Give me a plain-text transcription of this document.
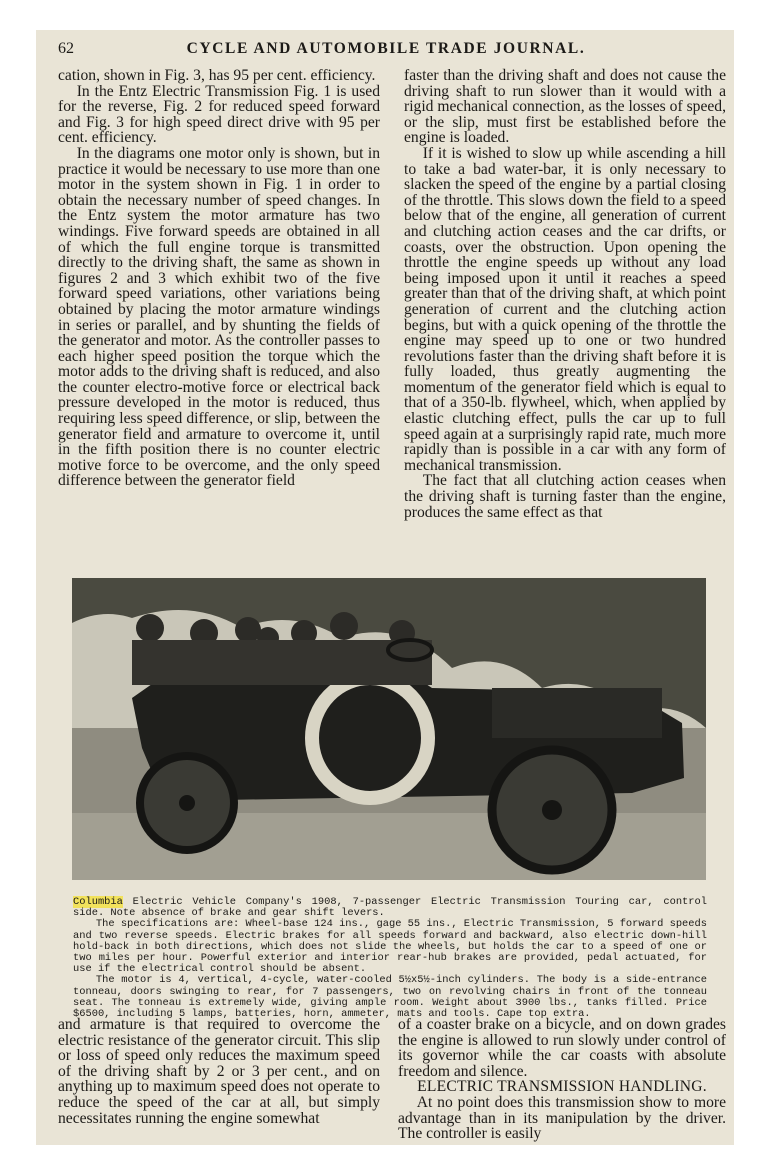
62	CYCLE AND AUTOMOBILE TRADE JOURNAL.

cation, shown in Fig. 3, has 95 per cent. efficiency.

In the Entz Electric Transmission Fig. 1 is used for the reverse, Fig. 2 for reduced speed forward and Fig. 3 for high speed direct drive with 95 per cent. efficiency.

In the diagrams one motor only is shown, but in practice it would be necessary to use more than one motor in the system shown in Fig. 1 in order to obtain the necessary number of speed changes. In the Entz system the motor armature has two windings. Five forward speeds are obtained in all of which the full engine torque is transmitted directly to the driving shaft, the same as shown in figures 2 and 3 which exhibit two of the five forward speed variations, other variations being obtained by placing the motor armature windings in series or parallel, and by shunting the fields of the generator and motor. As the controller passes to each higher speed position the torque which the motor adds to the driving shaft is reduced, and also the counter electro-motive force or electrical back pressure developed in the motor is reduced, thus requiring less speed difference, or slip, between the generator field and armature to overcome it, until in the fifth position there is no counter electric motive force to be overcome, and the only speed difference between the generator field

faster than the driving shaft and does not cause the driving shaft to run slower than it would with a rigid mechanical connection, as the losses of speed, or the slip, must first be established before the engine is loaded.

If it is wished to slow up while ascending a hill to take a bad water-bar, it is only necessary to slacken the speed of the engine by a partial closing of the throttle. This slows down the field to a speed below that of the engine, all generation of current and clutching action ceases and the car drifts, or coasts, over the obstruction. Upon opening the throttle the engine speeds up without any load being imposed upon it until it reaches a speed greater than that of the driving shaft, at which point generation of current and the clutching action begins, but with a quick opening of the throttle the engine may speed up to one or two hundred revolutions faster than the driving shaft before it is fully loaded, thus greatly augmenting the momentum of the generator field which is equal to that of a 350-lb. flywheel, which, when applied by elastic clutching effect, pulls the car up to full speed again at a surprisingly rapid rate, much more rapidly than is possible in a car with any form of mechanical transmission.

The fact that all clutching action ceases when the driving shaft is turning faster than the engine, produces the same effect as that

Columbia Electric Vehicle Company's 1908, 7-passenger Electric Transmission Touring car, control side. Note absence of brake and gear shift levers.

The specifications are: Wheel-base 124 ins., gage 55 ins., Electric Transmission, 5 forward speeds and two reverse speeds. Electric brakes for all speeds forward and backward, also electric down-hill hold-back in both directions, which does not slide the wheels, but holds the car to a speed of one or two miles per hour. Powerful exterior and interior rear-hub brakes are provided, pedal actuated, for use if the electrical control should be absent.

The motor is 4, vertical, 4-cycle, water-cooled 5½x5½-inch cylinders. The body is a side-entrance tonneau, doors swinging to rear, for 7 passengers, two on revolving chairs in front of the tonneau seat. The tonneau is extremely wide, giving ample room. Weight about 3900 lbs., tanks filled. Price $6500, including 5 lamps, batteries, horn, ammeter, mats and tools. Cape top extra.

and armature is that required to overcome the electric resistance of the generator circuit. This slip or loss of speed only reduces the maximum speed of the driving shaft by 2 or 3 per cent., and on anything up to maximum speed does not operate to reduce the speed of the car at all, but simply necessitates running the engine somewhat

of a coaster brake on a bicycle, and on down grades the engine is allowed to run slowly under control of its governor while the car coasts with absolute freedom and silence.

ELECTRIC TRANSMISSION HANDLING.

At no point does this transmission show to more advantage than in its manipulation by the driver. The controller is easily
